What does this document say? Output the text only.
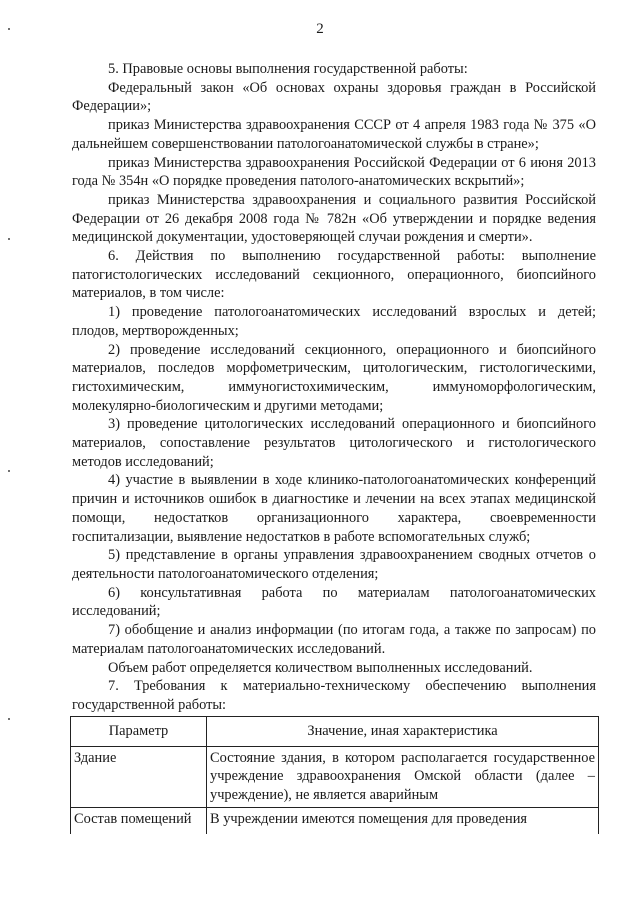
2

5. Правовые основы выполнения государственной работы:

Федеральный закон «Об основах охраны здоровья граждан в Российской Федерации»;

приказ Министерства здравоохранения СССР от 4 апреля 1983 года № 375 «О дальнейшем совершенствовании патологоанатомической службы в стране»;

приказ Министерства здравоохранения Российской Федерации от 6 июня 2013 года № 354н «О порядке проведения патолого-анатомических вскрытий»;

приказ Министерства здравоохранения и социального развития Российской Федерации от 26 декабря 2008 года № 782н «Об утверждении и порядке ведения медицинской документации, удостоверяющей случаи рождения и смерти».

6. Действия по выполнению государственной работы: выполнение патогистологических исследований секционного, операционного, биопсийного материалов, в том числе:

1) проведение патологоанатомических исследований взрослых и детей; плодов, мертворожденных;

2) проведение исследований секционного, операционного и биопсийного материалов, последов морфометрическим, цитологическим, гистологическими, гистохимическим, иммуногистохимическим, иммуноморфологическим, молекулярно-биологическим и другими методами;

3) проведение цитологических исследований операционного и биопсийного материалов, сопоставление результатов цитологического и гистологического методов исследований;

4) участие в выявлении в ходе клинико-патологоанатомических конференций причин и источников ошибок в диагностике и лечении на всех этапах медицинской помощи, недостатков организационного характера, своевременности госпитализации, выявление недостатков в работе вспомогательных служб;

5) представление в органы управления здравоохранением сводных отчетов о деятельности патологоанатомического отделения;

6) консультативная работа по материалам патологоанатомических исследований;

7) обобщение и анализ информации (по итогам года, а также по запросам) по материалам патологоанатомических исследований.

Объем работ определяется количеством выполненных исследований.

7. Требования к материально-техническому обеспечению выполнения государственной работы:

Параметр	Значение, иная характеристика
Здание	Состояние здания, в котором располагается государственное учреждение здравоохранения Омской области (далее – учреждение), не является аварийным
Состав помещений	В учреждении имеются помещения для проведения
